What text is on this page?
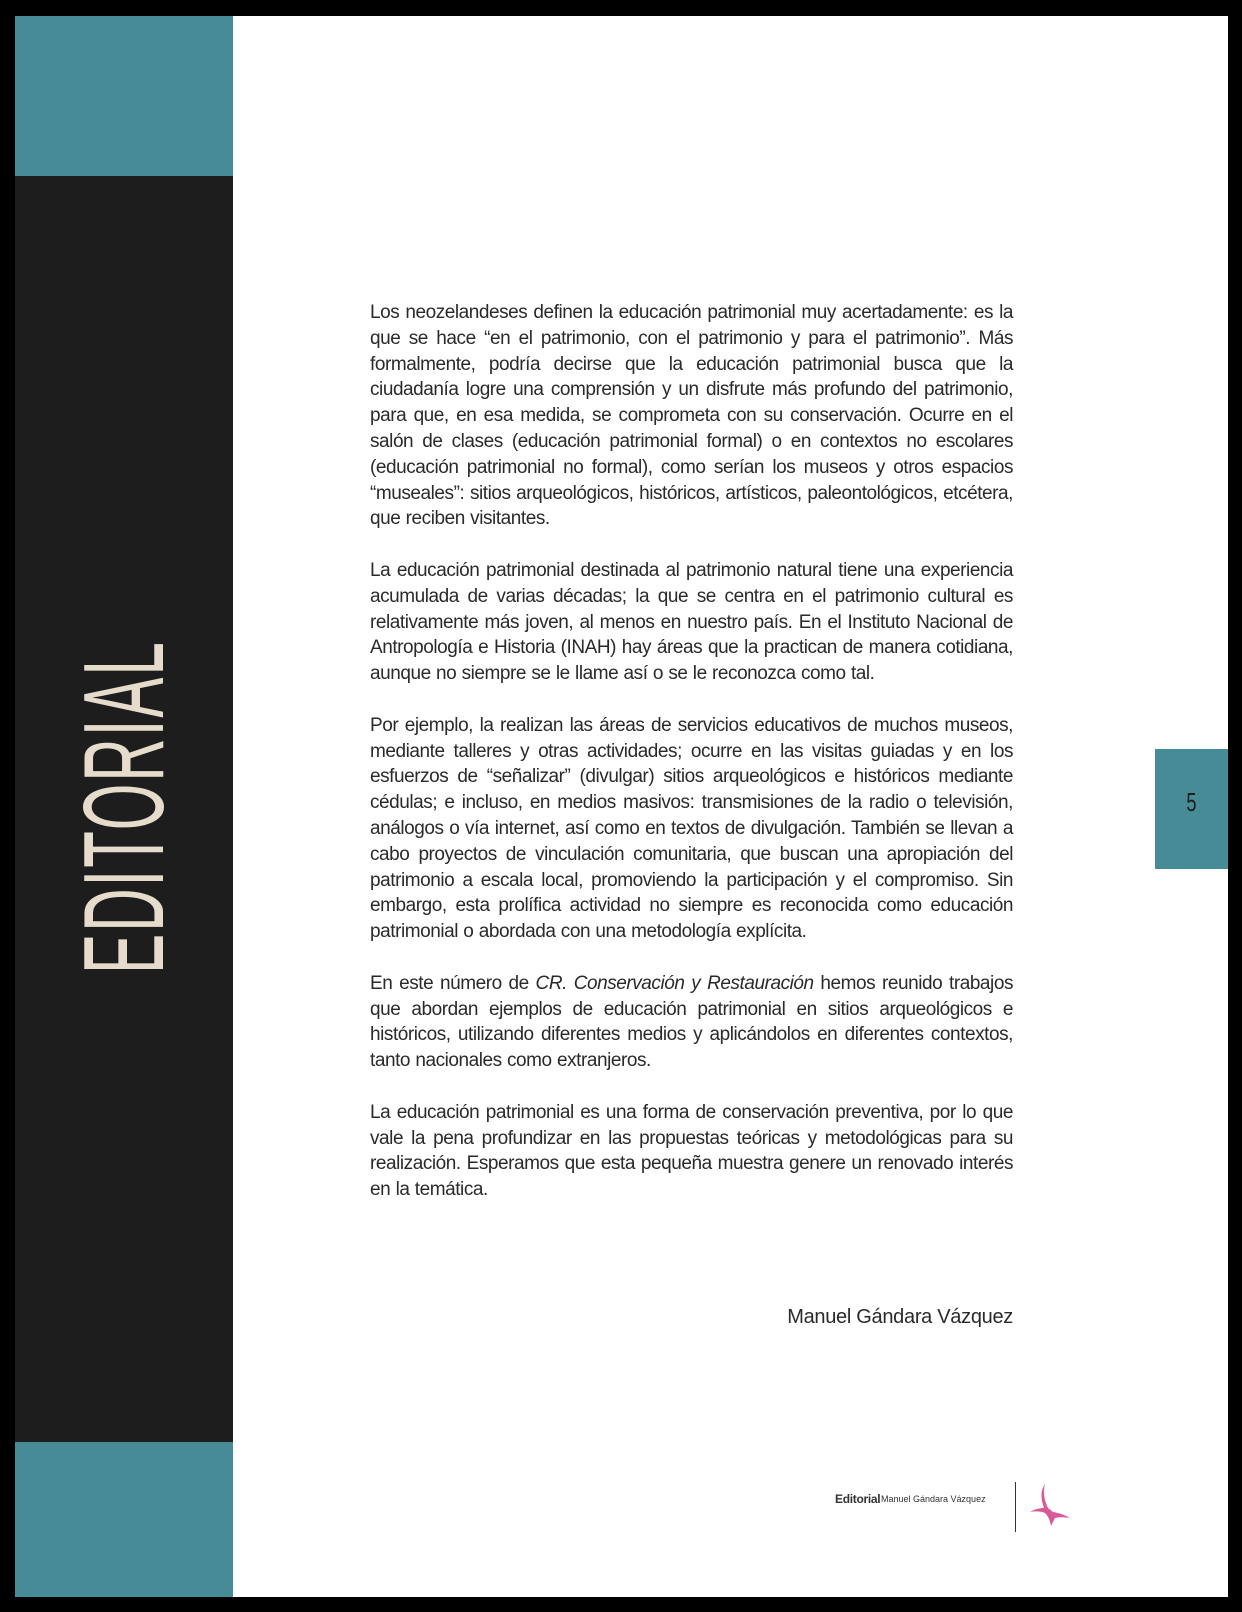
EDITORIAL

Los neozelandeses definen la educación patrimonial muy acertadamente: es la que se hace “en el patrimonio, con el patrimonio y para el patrimonio”. Más formalmente, podría decirse que la educación patrimonial busca que la ciudadanía logre una comprensión y un disfrute más profundo del patrimonio, para que, en esa medida, se comprometa con su conservación. Ocurre en el salón de clases (educación patrimonial formal) o en contextos no escolares (educación patrimonial no formal), como serían los museos y otros espacios “museales”: sitios arqueológicos, históricos, artísticos, paleontológicos, etcétera, que reciben visitantes.

La educación patrimonial destinada al patrimonio natural tiene una experiencia acumulada de varias décadas; la que se centra en el patrimonio cultural es relativamente más joven, al menos en nuestro país. En el Instituto Nacional de Antropología e Historia (INAH) hay áreas que la practican de manera cotidiana, aunque no siempre se le llame así o se le reconozca como tal.

Por ejemplo, la realizan las áreas de servicios educativos de muchos museos, mediante talleres y otras actividades; ocurre en las visitas guiadas y en los esfuerzos de “señalizar” (divulgar) sitios arqueológicos e históricos mediante cédulas; e incluso, en medios masivos: transmisiones de la radio o televisión, análogos o vía internet, así como en textos de divulgación. También se llevan a cabo proyectos de vinculación comunitaria, que buscan una apropiación del patrimonio a escala local, promoviendo la participación y el compromiso. Sin embargo, esta prolífica actividad no siempre es reconocida como educación patrimonial o abordada con una metodología explícita.

En este número de CR. Conservación y Restauración hemos reunido trabajos que abordan ejemplos de educación patrimonial en sitios arqueológicos e históricos, utilizando diferentes medios y aplicándolos en diferentes contextos, tanto nacionales como extranjeros.

La educación patrimonial es una forma de conservación preventiva, por lo que vale la pena profundizar en las propuestas teóricas y metodológicas para su realización. Esperamos que esta pequeña muestra genere un renovado interés en la temática.

Manuel Gándara Vázquez
5
Editorial Manuel Gándara Vázquez
